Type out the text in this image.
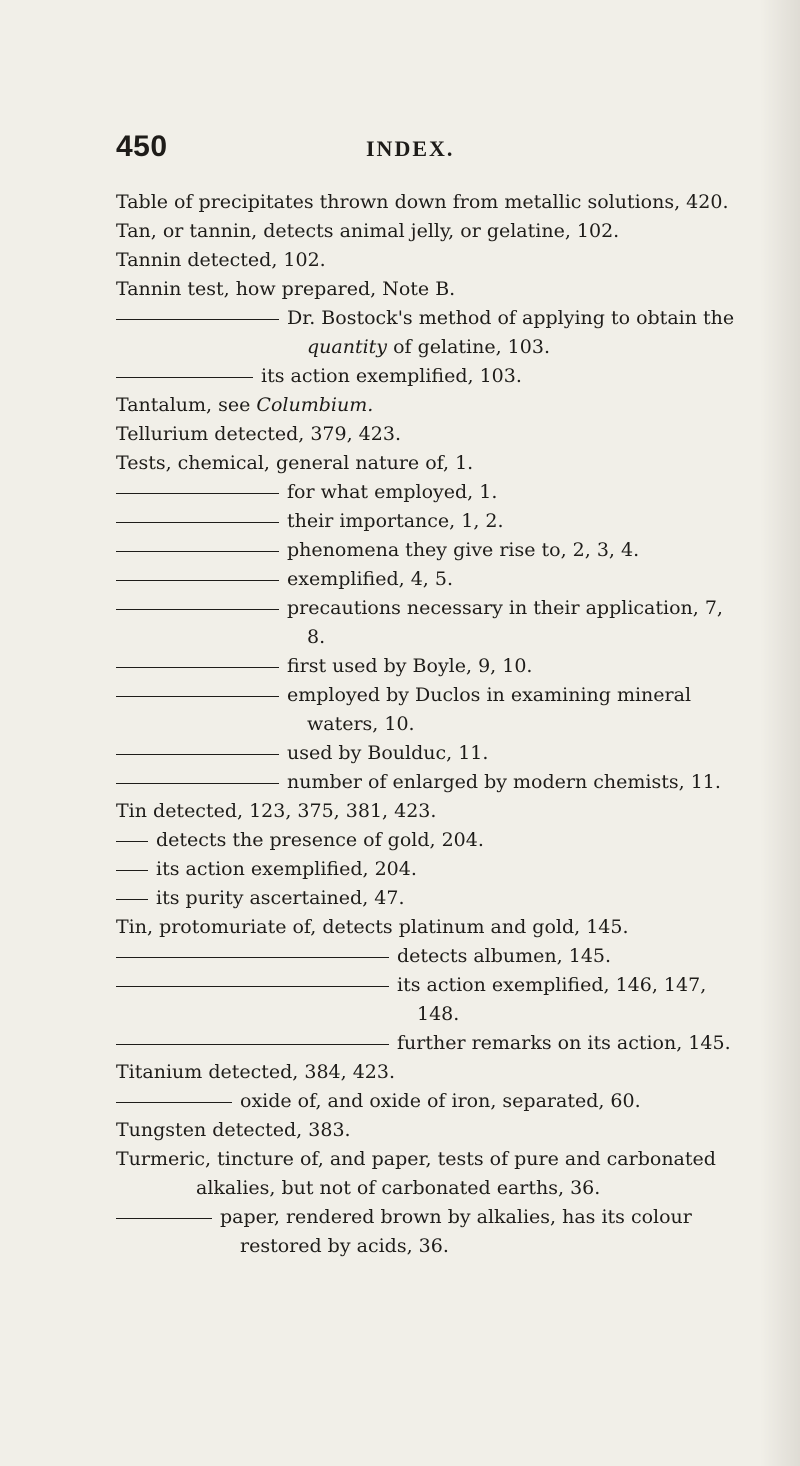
450	INDEX.

Table of precipitates thrown down from metallic solutions, 420.

Tan, or tannin, detects animal jelly, or gelatine, 102.

Tannin detected, 102.

Tannin test, how prepared, Note B.

Dr. Bostock's method of applying to obtain the quantity of gelatine, 103.

its action exemplified, 103.

Tantalum, see Columbium.

Tellurium detected, 379, 423.

Tests, chemical, general nature of, 1.

for what employed, 1.

their importance, 1, 2.

phenomena they give rise to, 2, 3, 4.

exemplified, 4, 5.

precautions necessary in their application, 7, 8.

first used by Boyle, 9, 10.

employed by Duclos in examining mineral waters, 10.

used by Boulduc, 11.

number of enlarged by modern chemists, 11.

Tin detected, 123, 375, 381, 423.

detects the presence of gold, 204.

its action exemplified, 204.

its purity ascertained, 47.

Tin, protomuriate of, detects platinum and gold, 145.

detects albumen, 145.

its action exemplified, 146, 147, 148.

further remarks on its action, 145.

Titanium detected, 384, 423.

oxide of, and oxide of iron, separated, 60.

Tungsten detected, 383.

Turmeric, tincture of, and paper, tests of pure and carbonated alkalies, but not of carbonated earths, 36.

paper, rendered brown by alkalies, has its colour restored by acids, 36.
